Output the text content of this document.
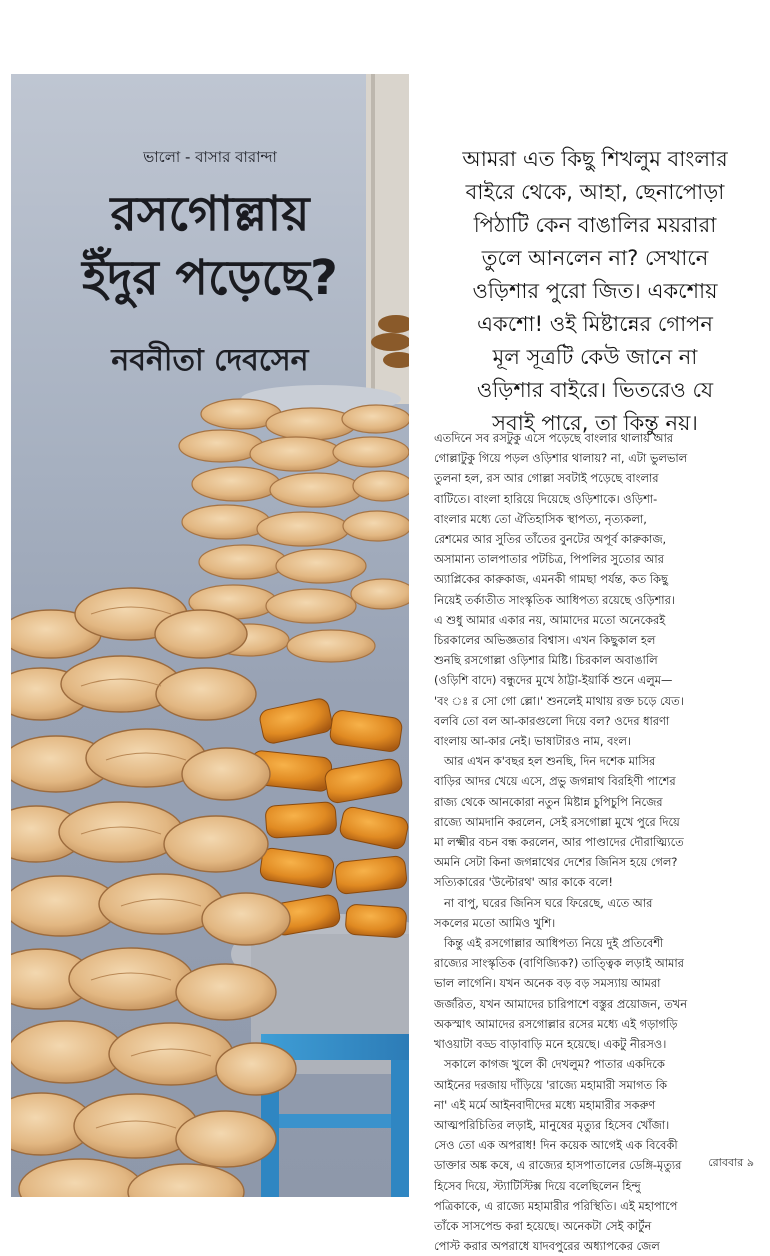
ভালো - বাসার বারান্দা
রসগোল্লায়
ইঁদুর পড়েছে?
নবনীতা দেবসেন
আমরা এত কিছু শিখলুম বাংলার
বাইরে থেকে, আহা, ছেনাপোড়া
পিঠাটি কেন বাঙালির ময়রারা
তুলে আনলেন না? সেখানে
ওড়িশার পুরো জিত। একশোয়
একশো! ওই মিষ্টান্নের গোপন
মূল সূত্রটি কেউ জানে না
ওড়িশার বাইরে। ভিতরেও যে
সবাই পারে, তা কিন্তু নয়।
এতদিনে সব রসটুকু এসে পড়েছে বাংলার থালায় আর
গোল্লাটুকু গিয়ে পড়ল ওড়িশার থালায়? না, এটা ভুলভাল
তুলনা হল, রস আর গোল্লা সবটাই পড়েছে বাংলার
বাটিতে। বাংলা হারিয়ে দিয়েছে ওড়িশাকে। ওড়িশা-
বাংলার মধ্যে তো ঐতিহাসিক স্থাপত্য, নৃত্যকলা,
রেশমের আর সুতির তাঁতের বুনটের অপূর্ব কারুকাজ,
অসামান্য তালপাতার পটচিত্র, পিপলির সুতোর আর
অ্যাপ্লিকের কারুকাজ, এমনকী গামছা পর্যন্ত, কত কিছু
নিয়েই তর্কাতীত সাংস্কৃতিক আধিপত্য রয়েছে ওড়িশার।
এ শুধু আমার একার নয়, আমাদের মতো অনেকেরই
চিরকালের অভিজ্ঞতার বিশ্বাস। এখন কিছুকাল হল
শুনছি রসগোল্লা ওড়িশার মিষ্টি। চিরকাল অবাঙালি
(ওড়িশি বাদে) বন্ধুদের মুখে ঠাট্টা-ইয়ার্কি শুনে এলুম—
'বং ঃ র সো গো ল্লো।' শুনলেই মাথায় রক্ত চড়ে যেত।
বলবি তো বল আ-কারগুলো দিয়ে বল? ওদের ধারণা
বাংলায় আ-কার নেই। ভাষাটারও নাম, বংল।
আর এখন ক'বছর হল শুনছি, দিন দশেক মাসির
বাড়ির আদর খেয়ে এসে, প্রভু জগন্নাথ বিরহিণী পাশের
রাজ্য থেকে আনকোরা নতুন মিষ্টান্ন চুপিচুপি নিজের
রাজ্যে আমদানি করলেন, সেই রসগোল্লা মুখে পুরে দিয়ে
মা লক্ষ্মীর বচন বন্ধ করলেন, আর পাণ্ডাদের দৌরাত্ম্যিতে
অমনি সেটা কিনা জগন্নাথের দেশের জিনিস হয়ে গেল?
সত্যিকারের 'উল্টোরথ' আর কাকে বলে!
না বাপু, ঘরের জিনিস ঘরে ফিরেছে, এতে আর
সকলের মতো আমিও খুশি।
কিন্তু এই রসগোল্লার আধিপত্য নিয়ে দুই প্রতিবেশী
রাজ্যের সাংস্কৃতিক (বাণিজ্যিক?) তাত্ত্বিক লড়াই আমার
ভাল লাগেনি। যখন অনেক বড় বড় সমস্যায় আমরা
জর্জরিত, যখন আমাদের চারিপাশে বস্তুর প্রয়োজন, তখন
অকস্মাৎ আমাদের রসগোল্লার রসের মধ্যে এই গড়াগড়ি
খাওয়াটা বড্ড বাড়াবাড়ি মনে হয়েছে। একটু নীরসও।
সকালে কাগজ খুলে কী দেখলুম? পাতার একদিকে
আইনের দরজায় দাঁড়িয়ে 'রাজ্যে মহামারী সমাগত কি
না' এই মর্মে আইনবাদীদের মধ্যে মহামারীর সকরুণ
আত্মপরিচিতির লড়াই, মানুষের মৃত্যুর হিসেব খোঁজা।
সেও তো এক অপরাধ! দিন কয়েক আগেই এক বিবেকী
ডাক্তার অঙ্ক কষে, এ রাজ্যের হাসপাতালের ডেঙ্গি-মৃত্যুর
হিসেব দিয়ে, স্ট্যাটিস্টিক্স দিয়ে বলেছিলেন হিন্দু
পত্রিকাকে, এ রাজ্যে মহামারীর পরিস্থিতি। এই মহাপাপে
তাঁকে সাসপেন্ড করা হয়েছে। অনেকটা সেই কার্টুন
পোস্ট করার অপরাধে যাদবপুরের অধ্যাপকের জেল
রোববার ৯
